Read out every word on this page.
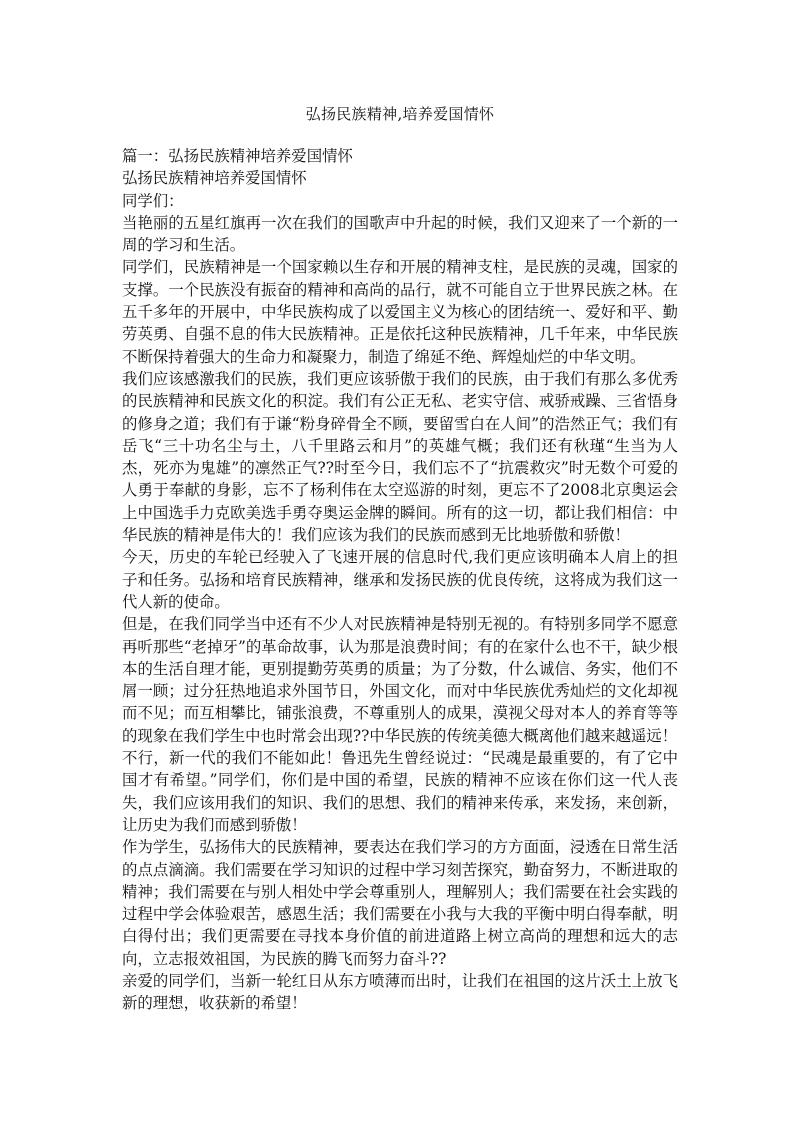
弘扬民族精神,培养爱国情怀

篇一：弘扬民族精神培养爱国情怀

弘扬民族精神培养爱国情怀

同学们：

当艳丽的五星红旗再一次在我们的国歌声中升起的时候，我们又迎来了一个新的一周的学习和生活。

同学们，民族精神是一个国家赖以生存和开展的精神支柱，是民族的灵魂，国家的支撑。一个民族没有振奋的精神和高尚的品行，就不可能自立于世界民族之林。在五千多年的开展中，中华民族构成了以爱国主义为核心的团结统一、爱好和平、勤劳英勇、自强不息的伟大民族精神。正是依托这种民族精神，几千年来，中华民族不断保持着强大的生命力和凝聚力，制造了绵延不绝、辉煌灿烂的中华文明。

我们应该感激我们的民族，我们更应该骄傲于我们的民族，由于我们有那么多优秀的民族精神和民族文化的积淀。我们有公正无私、老实守信、戒骄戒躁、三省悟身的修身之道；我们有于谦“粉身碎骨全不顾，要留雪白在人间”的浩然正气；我们有岳飞“三十功名尘与土，八千里路云和月”的英雄气概；我们还有秋瑾“生当为人杰，死亦为鬼雄”的凛然正气??时至今日，我们忘不了“抗震救灾”时无数个可爱的人勇于奉献的身影，忘不了杨利伟在太空巡游的时刻，更忘不了2008北京奥运会上中国选手力克欧美选手勇夺奥运金牌的瞬间。所有的这一切，都让我们相信：中华民族的精神是伟大的！我们应该为我们的民族而感到无比地骄傲和骄傲！

今天，历史的车轮已经驶入了飞速开展的信息时代,我们更应该明确本人肩上的担子和任务。弘扬和培育民族精神，继承和发扬民族的优良传统，这将成为我们这一代人新的使命。

但是，在我们同学当中还有不少人对民族精神是特别无视的。有特别多同学不愿意再听那些“老掉牙”的革命故事，认为那是浪费时间；有的在家什么也不干，缺少根本的生活自理才能，更别提勤劳英勇的质量；为了分数，什么诚信、务实，他们不屑一顾；过分狂热地追求外国节日，外国文化，而对中华民族优秀灿烂的文化却视而不见；而互相攀比，铺张浪费，不尊重别人的成果，漠视父母对本人的养育等等的现象在我们学生中也时常会出现??中华民族的传统美德大概离他们越来越遥远！

不行，新一代的我们不能如此！鲁迅先生曾经说过：“民魂是最重要的，有了它中国才有希望。”同学们，你们是中国的希望，民族的精神不应该在你们这一代人丧失，我们应该用我们的知识、我们的思想、我们的精神来传承，来发扬，来创新，让历史为我们而感到骄傲！

作为学生，弘扬伟大的民族精神，要表达在我们学习的方方面面，浸透在日常生活的点点滴滴。我们需要在学习知识的过程中学习刻苦探究，勤奋努力，不断进取的精神；我们需要在与别人相处中学会尊重别人，理解别人；我们需要在社会实践的过程中学会体验艰苦，感恩生活；我们需要在小我与大我的平衡中明白得奉献，明白得付出；我们更需要在寻找本身价值的前进道路上树立高尚的理想和远大的志向，立志报效祖国，为民族的腾飞而努力奋斗??

亲爱的同学们，当新一轮红日从东方喷薄而出时，让我们在祖国的这片沃土上放飞新的理想，收获新的希望！
